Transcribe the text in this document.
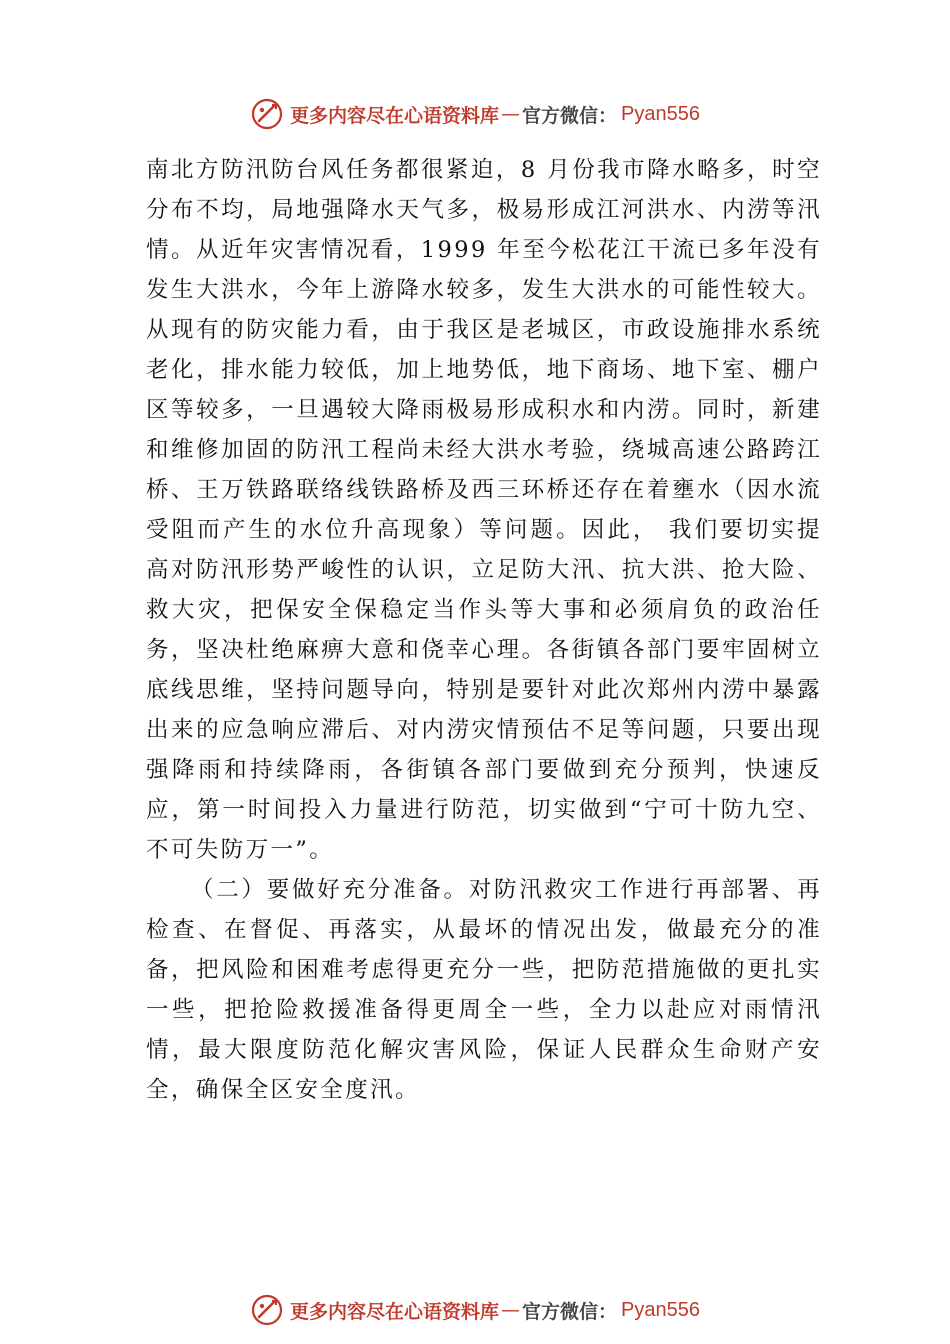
更多内容尽在心语资料库 — 官方微信： Pyan556

南北方防汛防台风任务都很紧迫，8 月份我市降水略多，时空分布不均，局地强降水天气多，极易形成江河洪水、内涝等汛情。从近年灾害情况看，1999 年至今松花江干流已多年没有发生大洪水，今年上游降水较多，发生大洪水的可能性较大。从现有的防灾能力看，由于我区是老城区，市政设施排水系统老化，排水能力较低，加上地势低，地下商场、地下室、棚户区等较多，一旦遇较大降雨极易形成积水和内涝。同时，新建和维修加固的防汛工程尚未经大洪水考验，绕城高速公路跨江桥、王万铁路联络线铁路桥及西三环桥还存在着壅水（因水流受阻而产生的水位升高现象）等问题。因此， 我们要切实提高对防汛形势严峻性的认识，立足防大汛、抗大洪、抢大险、救大灾，把保安全保稳定当作头等大事和必须肩负的政治任务，坚决杜绝麻痹大意和侥幸心理。各街镇各部门要牢固树立底线思维，坚持问题导向，特别是要针对此次郑州内涝中暴露出来的应急响应滞后、对内涝灾情预估不足等问题，只要出现强降雨和持续降雨，各街镇各部门要做到充分预判，快速反应，第一时间投入力量进行防范，切实做到“宁可十防九空、不可失防万一”。

（二）要做好充分准备。对防汛救灾工作进行再部署、再检查、在督促、再落实，从最坏的情况出发，做最充分的准备，把风险和困难考虑得更充分一些，把防范措施做的更扎实一些，把抢险救援准备得更周全一些，全力以赴应对雨情汛情，最大限度防范化解灾害风险，保证人民群众生命财产安全，确保全区安全度汛。

更多内容尽在心语资料库 — 官方微信： Pyan556
